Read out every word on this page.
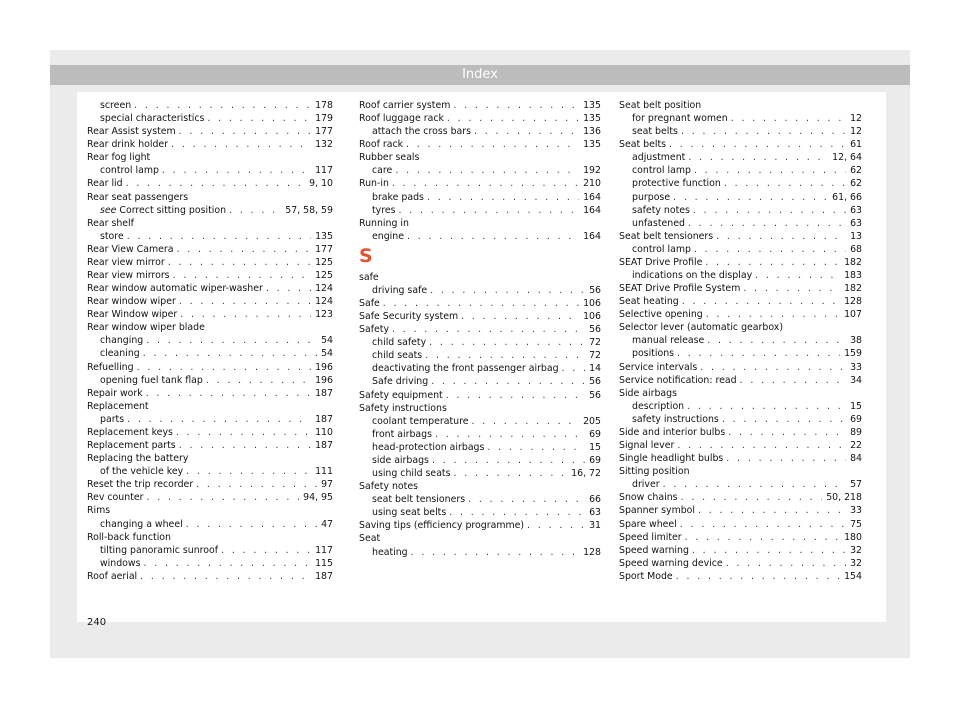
Index
screen . . .	178
special characteristics . . .	179
Rear Assist system . . .	177
Rear drink holder . . .	132
Rear fog light
control lamp . . .	117
Rear lid . . .	9, 10
Rear seat passengers
see Correct sitting position . . .	57, 58, 59
Rear shelf
store . . .	135
Rear View Camera . . .	177
Rear view mirror . . .	125
Rear view mirrors . . .	125
Rear window automatic wiper-washer . . .	124
Rear window wiper . . .	124
Rear Window wiper . . .	123
Rear window wiper blade
changing . . .	54
cleaning . . .	54
Refuelling . . .	196
opening fuel tank flap . . .	196
Repair work . . .	187
Replacement
parts . . .	187
Replacement keys . . .	110
Replacement parts . . .	187
Replacing the battery
of the vehicle key . . .	111
Reset the trip recorder . . .	97
Rev counter . . .	94, 95
Rims
changing a wheel . . .	47
Roll-back function
tilting panoramic sunroof . . .	117
windows . . .	115
Roof aerial . . .	187
Roof carrier system . . .	135
Roof luggage rack . . .	135
attach the cross bars . . .	136
Roof rack . . .	135
Rubber seals
care . . .	192
Run-in . . .	210
brake pads . . .	164
tyres . . .	164
Running in
engine . . .	164
S
safe
driving safe . . .	56
Safe . . .	106
Safe Security system . . .	106
Safety . . .	56
child safety . . .	72
child seats . . .	72
deactivating the front passenger airbag . . .	14
Safe driving . . .	56
Safety equipment . . .	56
Safety instructions
coolant temperature . . .	205
front airbags . . .	69
head-protection airbags . . .	15
side airbags . . .	69
using child seats . . .	16, 72
Safety notes
seat belt tensioners . . .	66
using seat belts . . .	63
Saving tips (efficiency programme) . . .	31
Seat
heating . . .	128
Seat belt position
for pregnant women . . .	12
seat belts . . .	12
Seat belts . . .	61
adjustment . . .	12, 64
control lamp . . .	62
protective function . . .	62
purpose . . .	61, 66
safety notes . . .	63
unfastened . . .	63
Seat belt tensioners . . .	13
control lamp . . .	68
SEAT Drive Profile . . .	182
indications on the display . . .	183
SEAT Drive Profile System . . .	182
Seat heating . . .	128
Selective opening . . .	107
Selector lever (automatic gearbox)
manual release . . .	38
positions . . .	159
Service intervals . . .	33
Service notification: read . . .	34
Side airbags
description . . .	15
safety instructions . . .	69
Side and interior bulbs . . .	89
Signal lever . . .	22
Single headlight bulbs . . .	84
Sitting position
driver . . .	57
Snow chains . . .	50, 218
Spanner symbol . . .	33
Spare wheel . . .	75
Speed limiter . . .	180
Speed warning . . .	32
Speed warning device . . .	32
Sport Mode . . .	154
240
